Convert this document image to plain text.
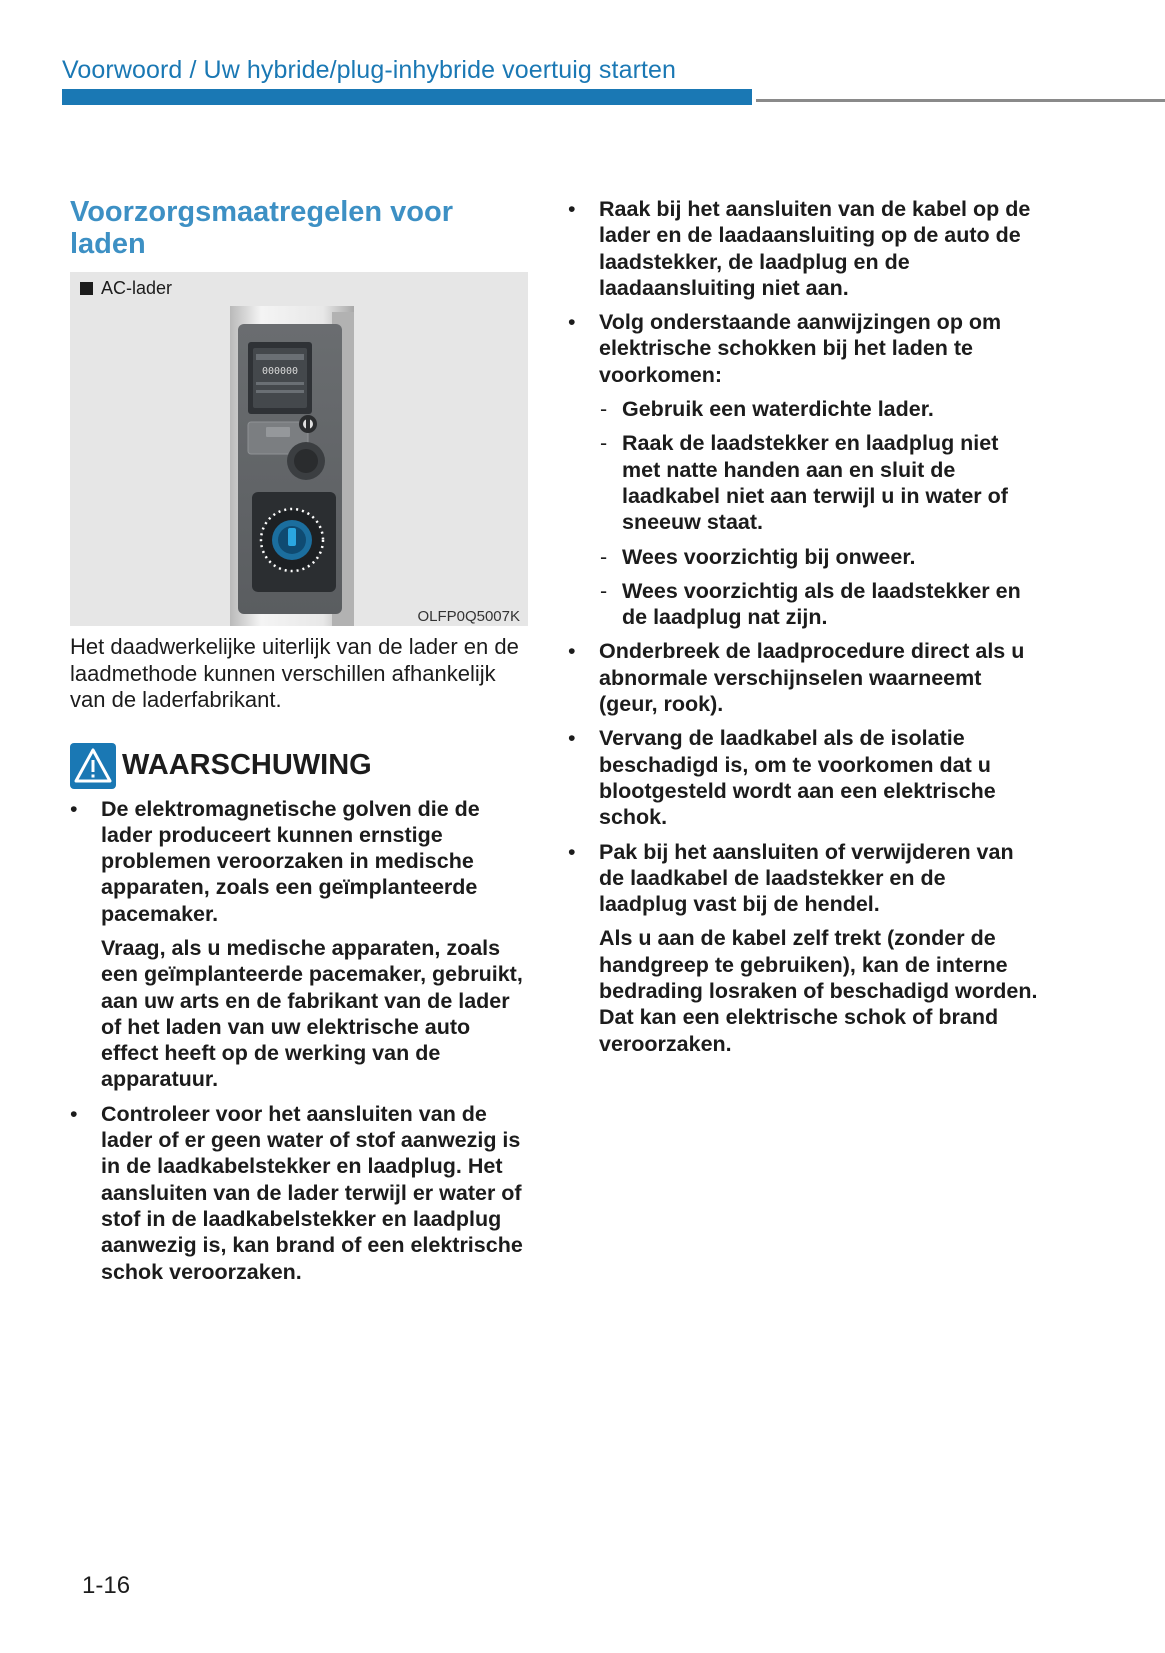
Voorwoord / Uw hybride/plug-inhybride voertuig starten
Voorzorgsmaatregelen voor laden
000000
AC-lader
OLFP0Q5007K
Het daadwerkelijke uiterlijk van de lader en de laadmethode kunnen verschillen afhankelijk van de laderfabrikant.
WAARSCHUWING

• De elektromagnetische golven die de lader produceert kunnen ernstige problemen veroorzaken in medische apparaten, zoals een geïmplanteerde pacemaker.

Vraag, als u medische apparaten, zoals een geïmplanteerde pacemaker, gebruikt, aan uw arts en de fabrikant van de lader of het laden van uw elektrische auto effect heeft op de werking van de apparatuur.

• Controleer voor het aansluiten van de lader of er geen water of stof aanwezig is in de laadkabelstekker en laadplug. Het aansluiten van de lader terwijl er water of stof in de laadkabelstekker en laadplug aanwezig is, kan brand of een elektrische schok veroorzaken.

• Raak bij het aansluiten van de kabel op de lader en de laadaansluiting op de auto de laadstekker, de laadplug en de laadaansluiting niet aan.

• Volg onderstaande aanwijzingen op om elektrische schokken bij het laden te voorkomen:

- Gebruik een waterdichte lader.
- Raak de laadstekker en laadplug niet met natte handen aan en sluit de laadkabel niet aan terwijl u in water of sneeuw staat.
- Wees voorzichtig bij onweer.
- Wees voorzichtig als de laadstekker en de laadplug nat zijn.

• Onderbreek de laadprocedure direct als u abnormale verschijnselen waarneemt (geur, rook).

• Vervang de laadkabel als de isolatie beschadigd is, om te voorkomen dat u blootgesteld wordt aan een elektrische schok.

• Pak bij het aansluiten of verwijderen van de laadkabel de laadstekker en de laadplug vast bij de hendel.

Als u aan de kabel zelf trekt (zonder de handgreep te gebruiken), kan de interne bedrading losraken of beschadigd worden. Dat kan een elektrische schok of brand veroorzaken.

1-16
